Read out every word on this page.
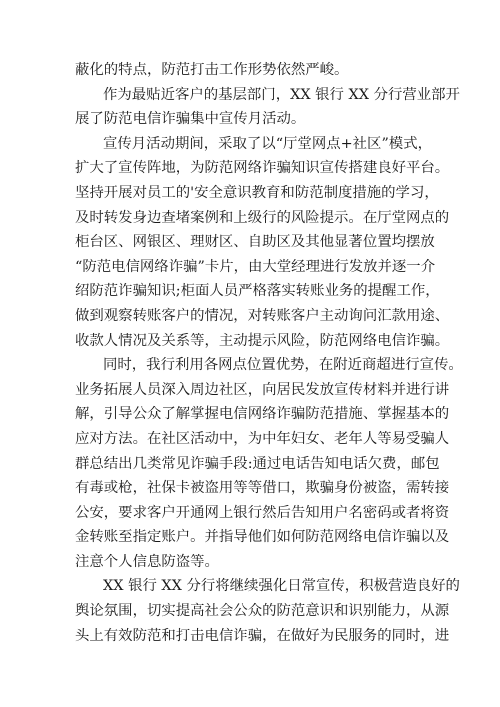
蔽化的特点，防范打击工作形势依然严峻。
作为最贴近客户的基层部门，XX 银行 XX 分行营业部开
展了防范电信诈骗集中宣传月活动。
宣传月活动期间，采取了以“厅堂网点+社区”模式，
扩大了宣传阵地，为防范网络诈骗知识宣传搭建良好平台。
坚持开展对员工的'安全意识教育和防范制度措施的学习，
及时转发身边查堵案例和上级行的风险提示。在厅堂网点的
柜台区、网银区、理财区、自助区及其他显著位置均摆放
“防范电信网络诈骗”卡片，由大堂经理进行发放并逐一介
绍防范诈骗知识;柜面人员严格落实转账业务的提醒工作，
做到观察转账客户的情况，对转账客户主动询问汇款用途、
收款人情况及关系等，主动提示风险，防范网络电信诈骗。
同时，我行利用各网点位置优势，在附近商超进行宣传。
业务拓展人员深入周边社区，向居民发放宣传材料并进行讲
解，引导公众了解掌握电信网络诈骗防范措施、掌握基本的
应对方法。在社区活动中，为中年妇女、老年人等易受骗人
群总结出几类常见诈骗手段:通过电话告知电话欠费，邮包
有毒或枪，社保卡被盗用等等借口，欺骗身份被盗，需转接
公安，要求客户开通网上银行然后告知用户名密码或者将资
金转账至指定账户。并指导他们如何防范网络电信诈骗以及
注意个人信息防盗等。
XX 银行 XX 分行将继续强化日常宣传，积极营造良好的
舆论氛围，切实提高社会公众的防范意识和识别能力，从源
头上有效防范和打击电信诈骗，在做好为民服务的同时，进
